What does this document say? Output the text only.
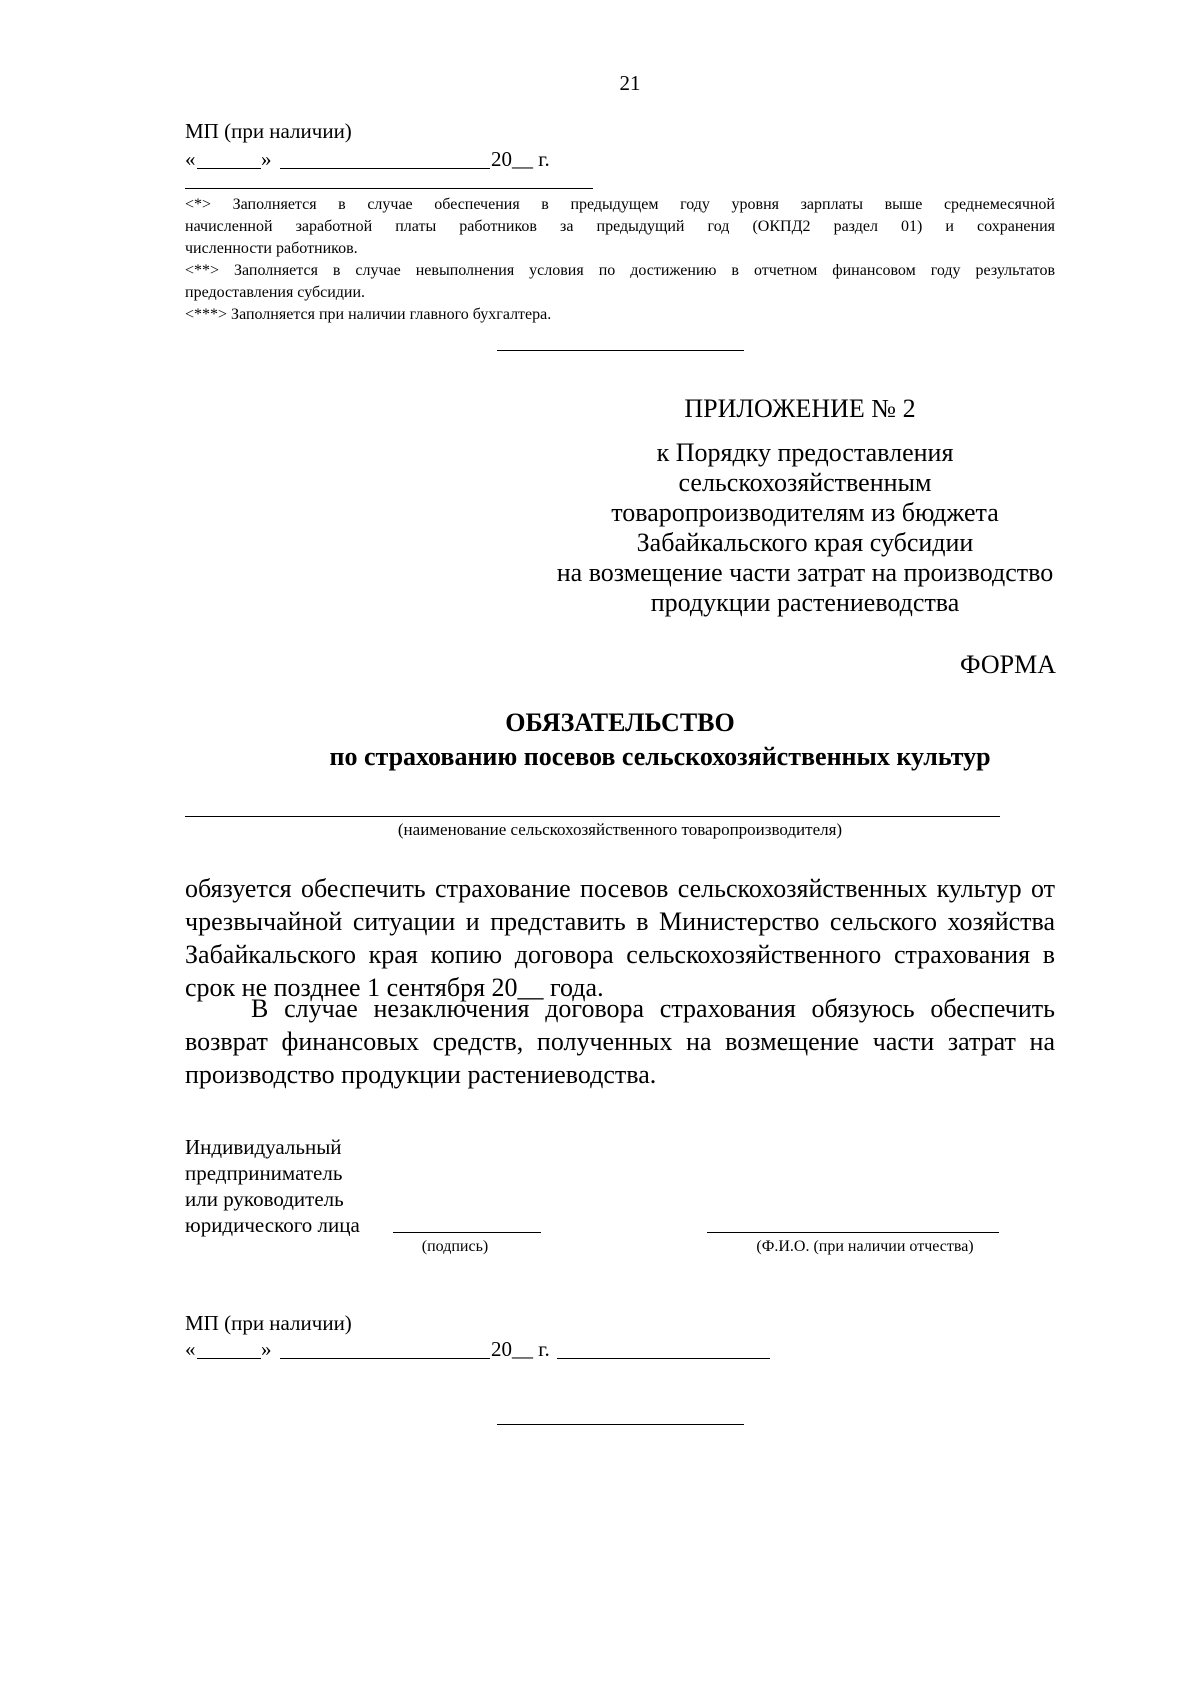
21
МП (при наличии)
«	»	20__ г.
<*> Заполняется в случае обеспечения в предыдущем году уровня зарплаты выше среднемесячной
начисленной заработной платы работников за предыдущий год (ОКПД2 раздел 01) и сохранения
численности работников.
<**> Заполняется в случае невыполнения условия по достижению в отчетном финансовом году результатов
предоставления субсидии.
<***> Заполняется при наличии главного бухгалтера.
ПРИЛОЖЕНИЕ № 2
к Порядку предоставления
сельскохозяйственным
товаропроизводителям из бюджета
Забайкальского края субсидии
на возмещение части затрат на производство
продукции растениеводства
ФОРМА
ОБЯЗАТЕЛЬСТВО
по страхованию посевов сельскохозяйственных культур
(наименование сельскохозяйственного товаропроизводителя)
обязуется обеспечить страхование посевов сельскохозяйственных культур от
чрезвычайной ситуации и представить в Министерство сельского хозяйства
Забайкальского края копию договора сельскохозяйственного страхования в
срок не позднее 1 сентября 20__ года.
В случае незаключения договора страхования обязуюсь обеспечить
возврат финансовых средств, полученных на возмещение части затрат на
производство продукции растениеводства.
Индивидуальный
предприниматель
или руководитель
юридического лица
(подпись)	(Ф.И.О. (при наличии отчества)
МП (при наличии)
«	»	20__ г.
